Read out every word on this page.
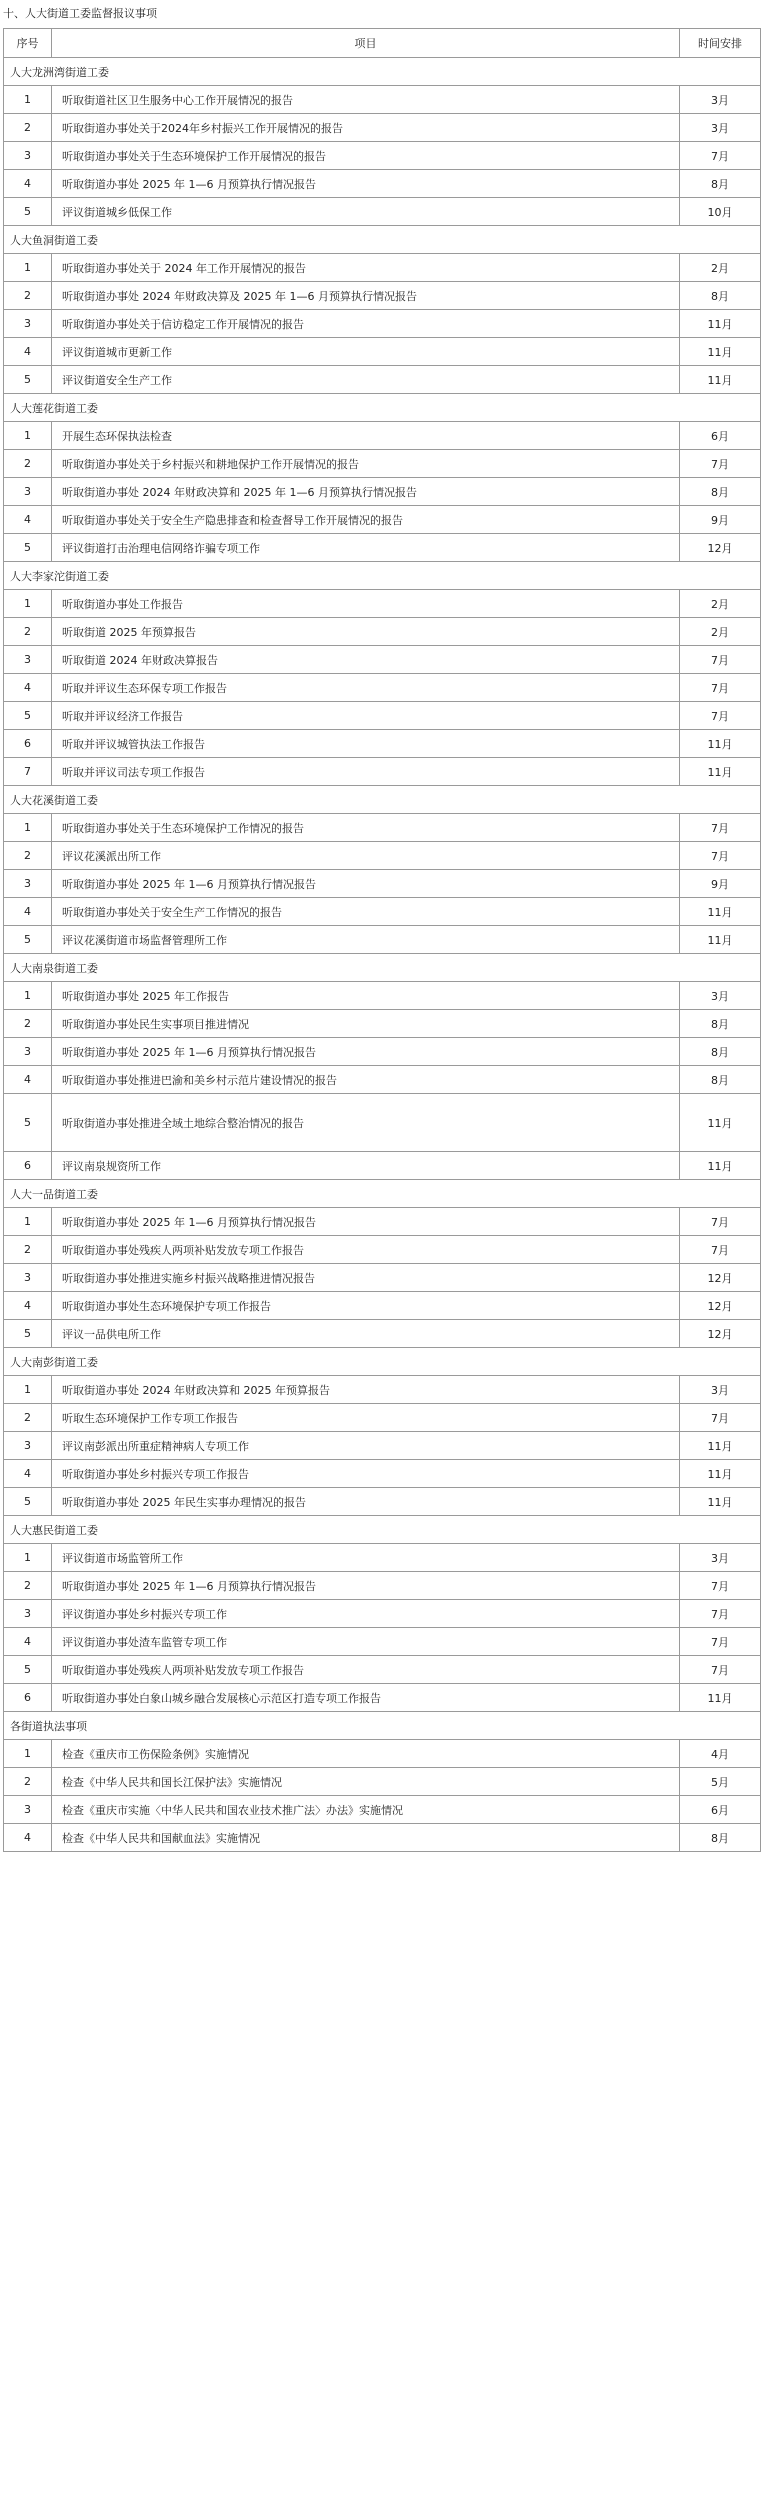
十、人大街道工委监督报议事项
序号	项目	时间安排
人大龙洲湾街道工委		
1	听取街道社区卫生服务中心工作开展情况的报告	3月
2	听取街道办事处关于2024年乡村振兴工作开展情况的报告	3月
3	听取街道办事处关于生态环境保护工作开展情况的报告	7月
4	听取街道办事处 2025 年 1—6 月预算执行情况报告	8月
5	评议街道城乡低保工作	10月
人大鱼洞街道工委		
1	听取街道办事处关于 2024 年工作开展情况的报告	2月
2	听取街道办事处 2024 年财政决算及 2025 年 1—6 月预算执行情况报告	8月
3	听取街道办事处关于信访稳定工作开展情况的报告	11月
4	评议街道城市更新工作	11月
5	评议街道安全生产工作	11月
人大莲花街道工委		
1	开展生态环保执法检查	6月
2	听取街道办事处关于乡村振兴和耕地保护工作开展情况的报告	7月
3	听取街道办事处 2024 年财政决算和 2025 年 1—6 月预算执行情况报告	8月
4	听取街道办事处关于安全生产隐患排查和检查督导工作开展情况的报告	9月
5	评议街道打击治理电信网络诈骗专项工作	12月
人大李家沱街道工委		
1	听取街道办事处工作报告	2月
2	听取街道 2025 年预算报告	2月
3	听取街道 2024 年财政决算报告	7月
4	听取并评议生态环保专项工作报告	7月
5	听取并评议经济工作报告	7月
6	听取并评议城管执法工作报告	11月
7	听取并评议司法专项工作报告	11月
人大花溪街道工委		
1	听取街道办事处关于生态环境保护工作情况的报告	7月
2	评议花溪派出所工作	7月
3	听取街道办事处 2025 年 1—6 月预算执行情况报告	9月
4	听取街道办事处关于安全生产工作情况的报告	11月
5	评议花溪街道市场监督管理所工作	11月
人大南泉街道工委		
1	听取街道办事处 2025 年工作报告	3月
2	听取街道办事处民生实事项目推进情况	8月
3	听取街道办事处 2025 年 1—6 月预算执行情况报告	8月
4	听取街道办事处推进巴渝和美乡村示范片建设情况的报告	8月
5	听取街道办事处推进全域土地综合整治情况的报告	11月
6	评议南泉规资所工作	11月
人大一品街道工委		
1	听取街道办事处 2025 年 1—6 月预算执行情况报告	7月
2	听取街道办事处残疾人两项补贴发放专项工作报告	7月
3	听取街道办事处推进实施乡村振兴战略推进情况报告	12月
4	听取街道办事处生态环境保护专项工作报告	12月
5	评议一品供电所工作	12月
人大南彭街道工委		
1	听取街道办事处 2024 年财政决算和 2025 年预算报告	3月
2	听取生态环境保护工作专项工作报告	7月
3	评议南彭派出所重症精神病人专项工作	11月
4	听取街道办事处乡村振兴专项工作报告	11月
5	听取街道办事处 2025 年民生实事办理情况的报告	11月
人大惠民街道工委		
1	评议街道市场监管所工作	3月
2	听取街道办事处 2025 年 1—6 月预算执行情况报告	7月
3	评议街道办事处乡村振兴专项工作	7月
4	评议街道办事处渣车监管专项工作	7月
5	听取街道办事处残疾人两项补贴发放专项工作报告	7月
6	听取街道办事处白象山城乡融合发展核心示范区打造专项工作报告	11月
各街道执法事项		
1	检查《重庆市工伤保险条例》实施情况	4月
2	检查《中华人民共和国长江保护法》实施情况	5月
3	检查《重庆市实施〈中华人民共和国农业技术推广法〉办法》实施情况	6月
4	检查《中华人民共和国献血法》实施情况	8月
